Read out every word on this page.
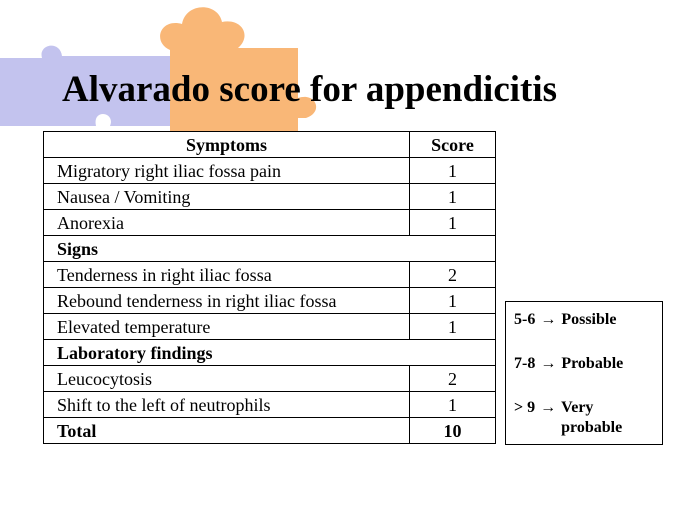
Alvarado score for appendicitis
Symptoms	Score
Migratory right iliac fossa pain	1
Nausea / Vomiting	1
Anorexia	1
Signs	
Tenderness in right iliac fossa	2
Rebound tenderness in right iliac fossa	1
Elevated temperature	1
Laboratory findings	
Leucocytosis	2
Shift to the left of neutrophils	1
Total	10
5-6 → Possible
7-8 → Probable
> 9 → Very probable
